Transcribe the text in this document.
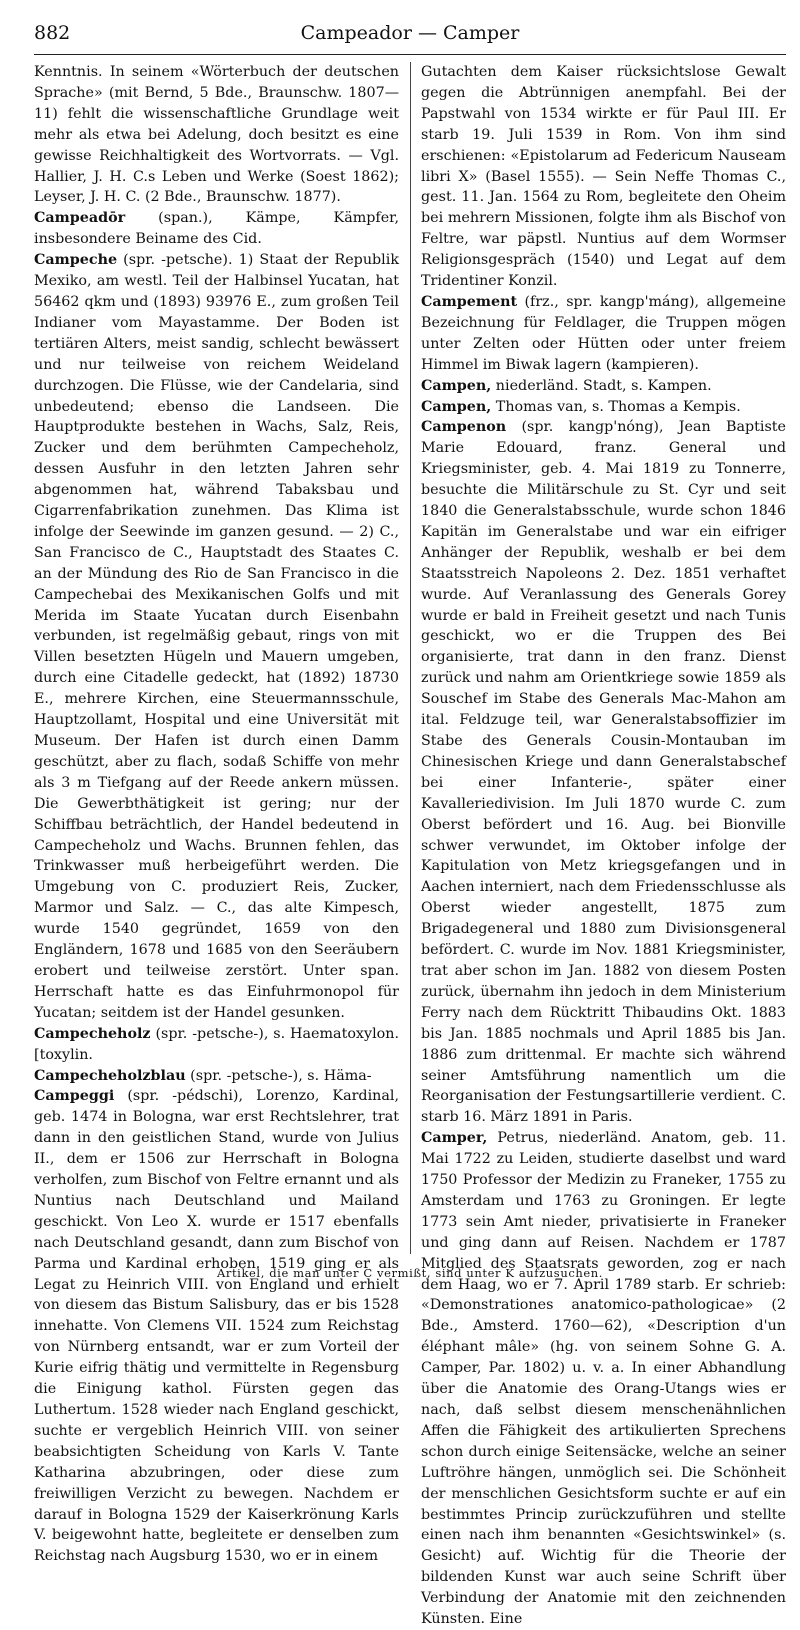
882	Campeador — Camper

Kenntnis. In seinem «Wörterbuch der deutschen Sprache» (mit Bernd, 5 Bde., Braunschw. 1807—11) fehlt die wissenschaftliche Grundlage weit mehr als etwa bei Adelung, doch besitzt es eine gewisse Reichhaltigkeit des Wortvorrats. — Vgl. Hallier, J. H. C.s Leben und Werke (Soest 1862); Leyser, J. H. C. (2 Bde., Braunschw. 1877).

Campeadōr (span.), Kämpe, Kämpfer, insbesondere Beiname des Cid.

Campeche (spr. -petsche). 1) Staat der Republik Mexiko, am westl. Teil der Halbinsel Yucatan, hat 56462 qkm und (1893) 93976 E., zum großen Teil Indianer vom Mayastamme. Der Boden ist tertiären Alters, meist sandig, schlecht bewässert und nur teilweise von reichem Weideland durchzogen. Die Flüsse, wie der Candelaria, sind unbedeutend; ebenso die Landseen. Die Hauptprodukte bestehen in Wachs, Salz, Reis, Zucker und dem berühmten Campecheholz, dessen Ausfuhr in den letzten Jahren sehr abgenommen hat, während Tabaksbau und Cigarrenfabrikation zunehmen. Das Klima ist infolge der Seewinde im ganzen gesund. — 2) C., San Francisco de C., Hauptstadt des Staates C. an der Mündung des Rio de San Francisco in die Campechebai des Mexikanischen Golfs und mit Merida im Staate Yucatan durch Eisenbahn verbunden, ist regelmäßig gebaut, rings von mit Villen besetzten Hügeln und Mauern umgeben, durch eine Citadelle gedeckt, hat (1892) 18730 E., mehrere Kirchen, eine Steuermannsschule, Hauptzollamt, Hospital und eine Universität mit Museum. Der Hafen ist durch einen Damm geschützt, aber zu flach, sodaß Schiffe von mehr als 3 m Tiefgang auf der Reede ankern müssen. Die Gewerbthätigkeit ist gering; nur der Schiffbau beträchtlich, der Handel bedeutend in Campecheholz und Wachs. Brunnen fehlen, das Trinkwasser muß herbeigeführt werden. Die Umgebung von C. produziert Reis, Zucker, Marmor und Salz. — C., das alte Kimpesch, wurde 1540 gegründet, 1659 von den Engländern, 1678 und 1685 von den Seeräubern erobert und teilweise zerstört. Unter span. Herrschaft hatte es das Einfuhrmonopol für Yucatan; seitdem ist der Handel gesunken.

Campecheholz (spr. -petsche-), s. Haematoxylon. [toxylin.

Campecheholzblau (spr. -petsche-), s. Häma-

Campeggi (spr. -pédschi), Lorenzo, Kardinal, geb. 1474 in Bologna, war erst Rechtslehrer, trat dann in den geistlichen Stand, wurde von Julius II., dem er 1506 zur Herrschaft in Bologna verholfen, zum Bischof von Feltre ernannt und als Nuntius nach Deutschland und Mailand geschickt. Von Leo X. wurde er 1517 ebenfalls nach Deutschland gesandt, dann zum Bischof von Parma und Kardinal erhoben. 1519 ging er als Legat zu Heinrich VIII. von England und erhielt von diesem das Bistum Salisbury, das er bis 1528 innehatte. Von Clemens VII. 1524 zum Reichstag von Nürnberg entsandt, war er zum Vorteil der Kurie eifrig thätig und vermittelte in Regensburg die Einigung kathol. Fürsten gegen das Luthertum. 1528 wieder nach England geschickt, suchte er vergeblich Heinrich VIII. von seiner beabsichtigten Scheidung von Karls V. Tante Katharina abzubringen, oder diese zum freiwilligen Verzicht zu bewegen. Nachdem er darauf in Bologna 1529 der Kaiserkrönung Karls V. beigewohnt hatte, begleitete er denselben zum Reichstag nach Augsburg 1530, wo er in einem

Gutachten dem Kaiser rücksichtslose Gewalt gegen die Abtrünnigen anempfahl. Bei der Papstwahl von 1534 wirkte er für Paul III. Er starb 19. Juli 1539 in Rom. Von ihm sind erschienen: «Epistolarum ad Federicum Nauseam libri X» (Basel 1555). — Sein Neffe Thomas C., gest. 11. Jan. 1564 zu Rom, begleitete den Oheim bei mehrern Missionen, folgte ihm als Bischof von Feltre, war päpstl. Nuntius auf dem Wormser Religionsgespräch (1540) und Legat auf dem Tridentiner Konzil.

Campement (frz., spr. kangp'máng), allgemeine Bezeichnung für Feldlager, die Truppen mögen unter Zelten oder Hütten oder unter freiem Himmel im Biwak lagern (kampieren).

Campen, niederländ. Stadt, s. Kampen.

Campen, Thomas van, s. Thomas a Kempis.

Campenon (spr. kangp'nóng), Jean Baptiste Marie Edouard, franz. General und Kriegsminister, geb. 4. Mai 1819 zu Tonnerre, besuchte die Militärschule zu St. Cyr und seit 1840 die Generalstabsschule, wurde schon 1846 Kapitän im Generalstabe und war ein eifriger Anhänger der Republik, weshalb er bei dem Staatsstreich Napoleons 2. Dez. 1851 verhaftet wurde. Auf Veranlassung des Generals Gorey wurde er bald in Freiheit gesetzt und nach Tunis geschickt, wo er die Truppen des Bei organisierte, trat dann in den franz. Dienst zurück und nahm am Orientkriege sowie 1859 als Souschef im Stabe des Generals Mac-Mahon am ital. Feldzuge teil, war Generalstabsoffizier im Stabe des Generals Cousin-Montauban im Chinesischen Kriege und dann Generalstabschef bei einer Infanterie-, später einer Kavalleriedivision. Im Juli 1870 wurde C. zum Oberst befördert und 16. Aug. bei Bionville schwer verwundet, im Oktober infolge der Kapitulation von Metz kriegsgefangen und in Aachen interniert, nach dem Friedensschlusse als Oberst wieder angestellt, 1875 zum Brigadegeneral und 1880 zum Divisionsgeneral befördert. C. wurde im Nov. 1881 Kriegsminister, trat aber schon im Jan. 1882 von diesem Posten zurück, übernahm ihn jedoch in dem Ministerium Ferry nach dem Rücktritt Thibaudins Okt. 1883 bis Jan. 1885 nochmals und April 1885 bis Jan. 1886 zum drittenmal. Er machte sich während seiner Amtsführung namentlich um die Reorganisation der Festungsartillerie verdient. C. starb 16. März 1891 in Paris.

Camper, Petrus, niederländ. Anatom, geb. 11. Mai 1722 zu Leiden, studierte daselbst und ward 1750 Professor der Medizin zu Franeker, 1755 zu Amsterdam und 1763 zu Groningen. Er legte 1773 sein Amt nieder, privatisierte in Franeker und ging dann auf Reisen. Nachdem er 1787 Mitglied des Staatsrats geworden, zog er nach dem Haag, wo er 7. April 1789 starb. Er schrieb: «Demonstrationes anatomico-pathologicae» (2 Bde., Amsterd. 1760—62), «Description d'un éléphant mâle» (hg. von seinem Sohne G. A. Camper, Par. 1802) u. v. a. In einer Abhandlung über die Anatomie des Orang-Utangs wies er nach, daß selbst diesem menschenähnlichen Affen die Fähigkeit des artikulierten Sprechens schon durch einige Seitensäcke, welche an seiner Luftröhre hängen, unmöglich sei. Die Schönheit der menschlichen Gesichtsform suchte er auf ein bestimmtes Princip zurückzuführen und stellte einen nach ihm benannten «Gesichtswinkel» (s. Gesicht) auf. Wichtig für die Theorie der bildenden Kunst war auch seine Schrift über Verbindung der Anatomie mit den zeichnenden Künsten. Eine

Artikel, die man unter C vermißt, sind unter K aufzusuchen.
